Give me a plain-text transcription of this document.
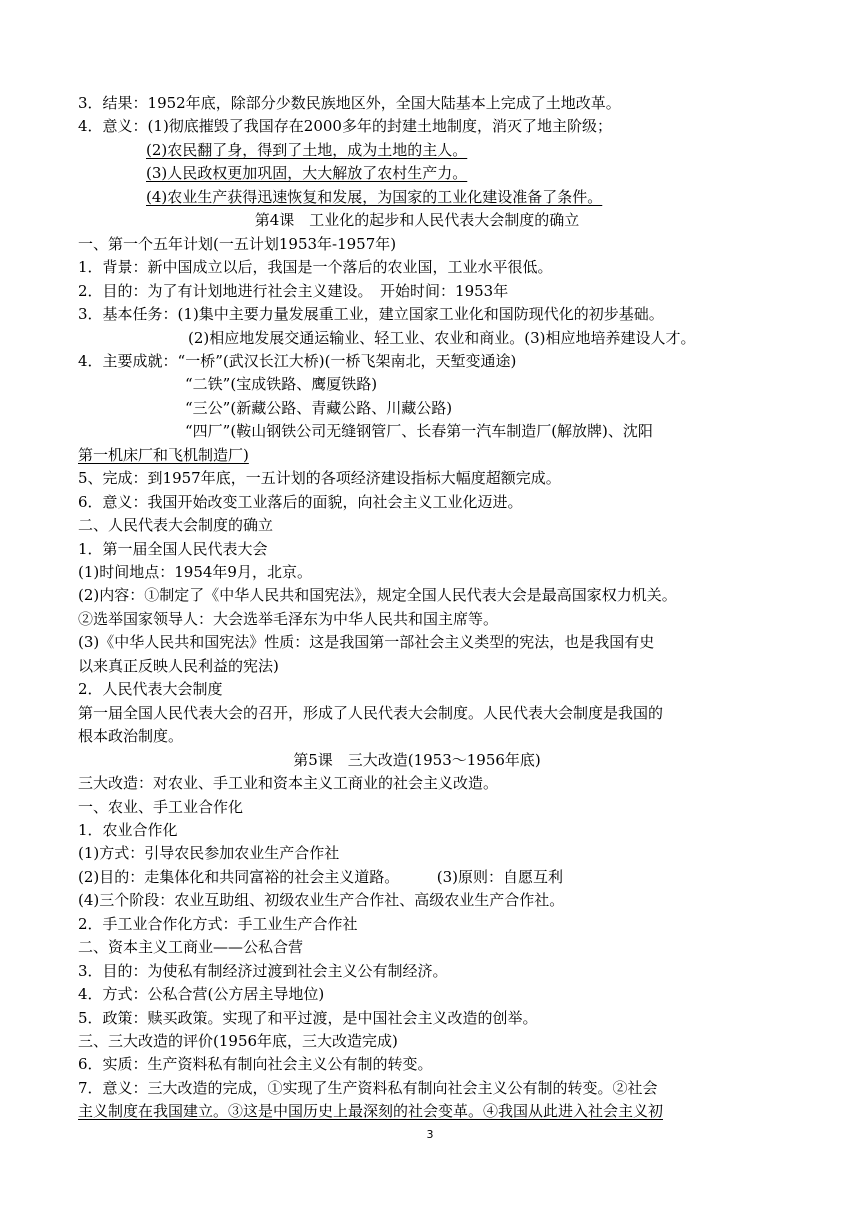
3．结果：1952年底，除部分少数民族地区外，全国大陆基本上完成了土地改革。
4．意义：(1)彻底摧毁了我国存在2000多年的封建土地制度，消灭了地主阶级；
(2)农民翻了身，得到了土地，成为土地的主人。
(3)人民政权更加巩固，大大解放了农村生产力。
(4)农业生产获得迅速恢复和发展，为国家的工业化建设准备了条件。
第4课　工业化的起步和人民代表大会制度的确立
一、第一个五年计划(一五计划1953年-1957年)
1．背景：新中国成立以后，我国是一个落后的农业国，工业水平很低。
2．目的：为了有计划地进行社会主义建设。　开始时间：1953年
3．基本任务：(1)集中主要力量发展重工业，建立国家工业化和国防现代化的初步基础。
(2)相应地发展交通运输业、轻工业、农业和商业。(3)相应地培养建设人才。
4．主要成就：“一桥”(武汉长江大桥)(一桥飞架南北，天堑变通途)
“二铁”(宝成铁路、鹰厦铁路)
“三公”(新藏公路、青藏公路、川藏公路)
“四厂”(鞍山钢铁公司无缝钢管厂、长春第一汽车制造厂(解放牌)、沈阳
第一机床厂和飞机制造厂)
5、完成：到1957年底，一五计划的各项经济建设指标大幅度超额完成。
6．意义：我国开始改变工业落后的面貌，向社会主义工业化迈进。
二、人民代表大会制度的确立
1．第一届全国人民代表大会
(1)时间地点：1954年9月，北京。
(2)内容：①制定了《中华人民共和国宪法》，规定全国人民代表大会是最高国家权力机关。
②选举国家领导人：大会选举毛泽东为中华人民共和国主席等。
(3)《中华人民共和国宪法》性质：这是我国第一部社会主义类型的宪法，也是我国有史
以来真正反映人民利益的宪法)
2．人民代表大会制度
第一届全国人民代表大会的召开，形成了人民代表大会制度。人民代表大会制度是我国的
根本政治制度。
第5课　三大改造(1953～1956年底)
三大改造：对农业、手工业和资本主义工商业的社会主义改造。
一、农业、手工业合作化
1．农业合作化
(1)方式：引导农民参加农业生产合作社
(2)目的：走集体化和共同富裕的社会主义道路。　　　(3)原则：自愿互利
(4)三个阶段：农业互助组、初级农业生产合作社、高级农业生产合作社。
2．手工业合作化方式：手工业生产合作社
二、资本主义工商业——公私合营
3．目的：为使私有制经济过渡到社会主义公有制经济。
4．方式：公私合营(公方居主导地位)
5．政策：赎买政策。实现了和平过渡，是中国社会主义改造的创举。
三、三大改造的评价(1956年底，三大改造完成)
6．实质：生产资料私有制向社会主义公有制的转变。
7．意义：三大改造的完成，①实现了生产资料私有制向社会主义公有制的转变。②社会
主义制度在我国建立。③这是中国历史上最深刻的社会变革。④我国从此进入社会主义初
3
